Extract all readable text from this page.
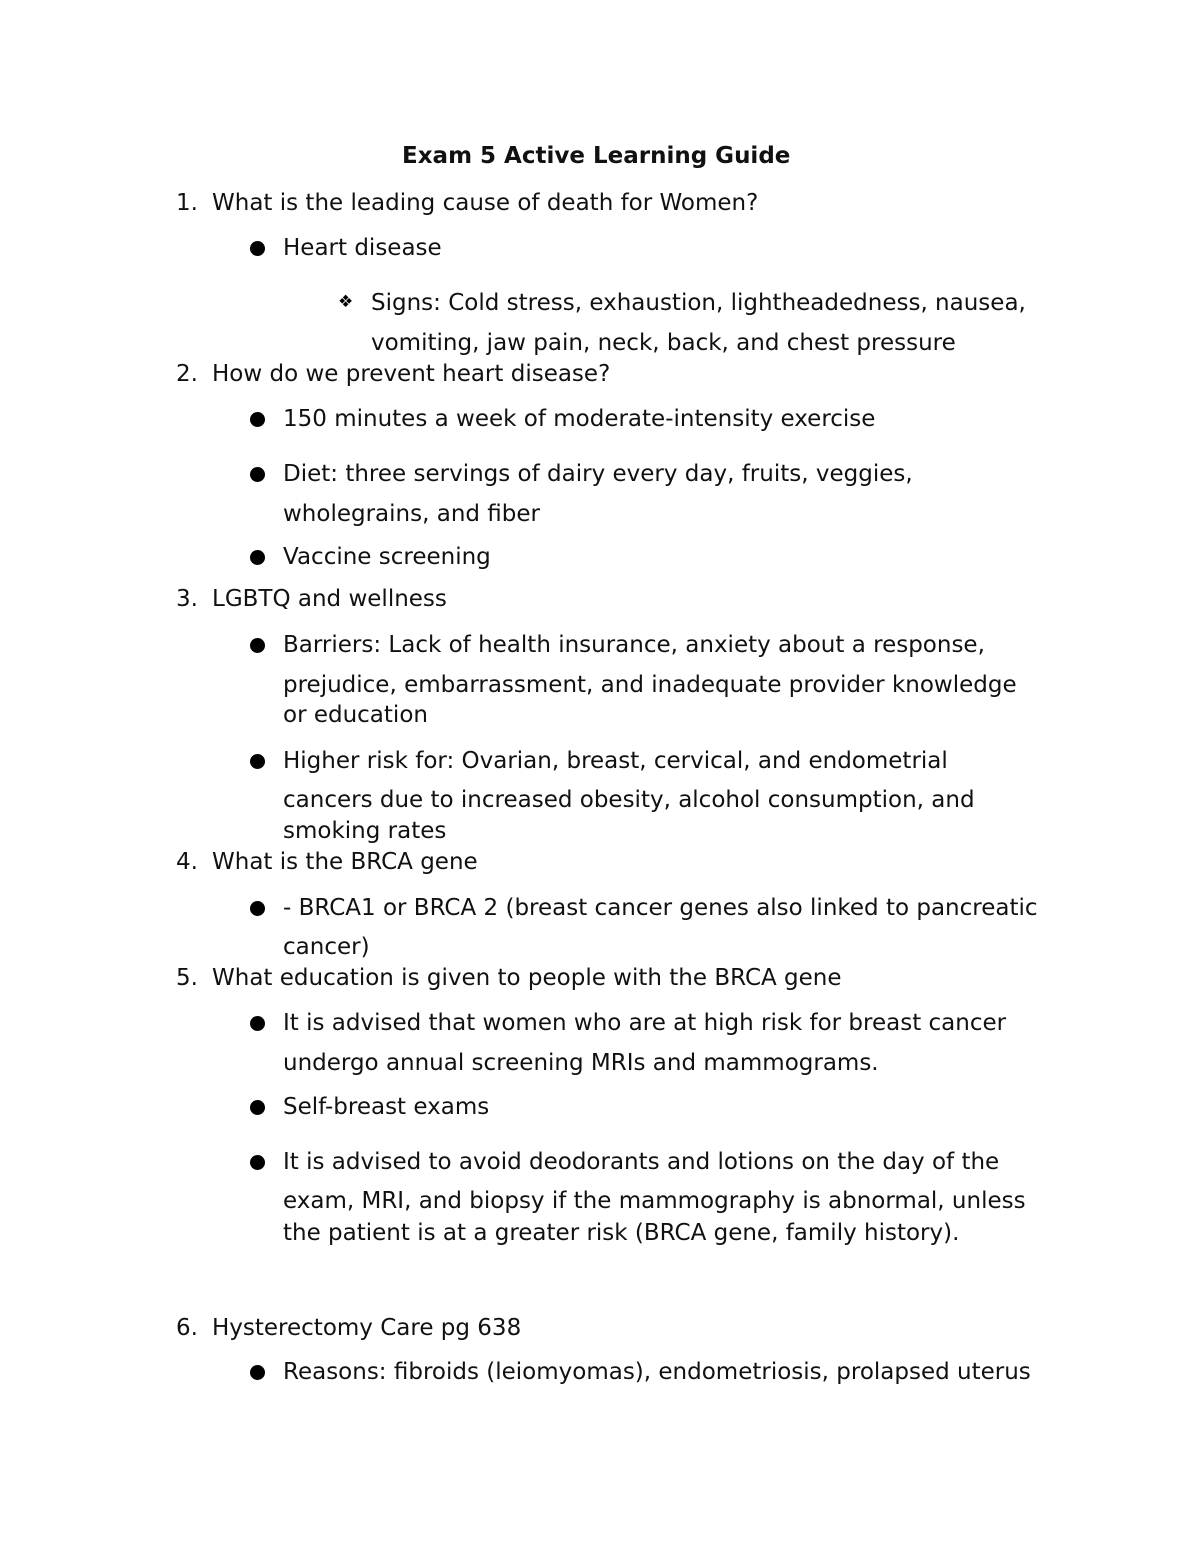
Exam 5 Active Learning Guide
1. What is the leading cause of death for Women?
Heart disease
❖ Signs: Cold stress, exhaustion, lightheadedness, nausea,
vomiting, jaw pain, neck, back, and chest pressure
2. How do we prevent heart disease?
150 minutes a week of moderate-intensity exercise
Diet: three servings of dairy every day, fruits, veggies,
wholegrains, and fiber
Vaccine screening
3. LGBTQ and wellness
Barriers: Lack of health insurance, anxiety about a response,
prejudice, embarrassment, and inadequate provider knowledge
or education
Higher risk for: Ovarian, breast, cervical, and endometrial
cancers due to increased obesity, alcohol consumption, and
smoking rates
4. What is the BRCA gene
- BRCA1 or BRCA 2 (breast cancer genes also linked to pancreatic
cancer)
5. What education is given to people with the BRCA gene
It is advised that women who are at high risk for breast cancer
undergo annual screening MRIs and mammograms.
Self-breast exams
It is advised to avoid deodorants and lotions on the day of the
exam, MRI, and biopsy if the mammography is abnormal, unless
the patient is at a greater risk (BRCA gene, family history).
6. Hysterectomy Care pg 638
Reasons: fibroids (leiomyomas), endometriosis, prolapsed uterus
